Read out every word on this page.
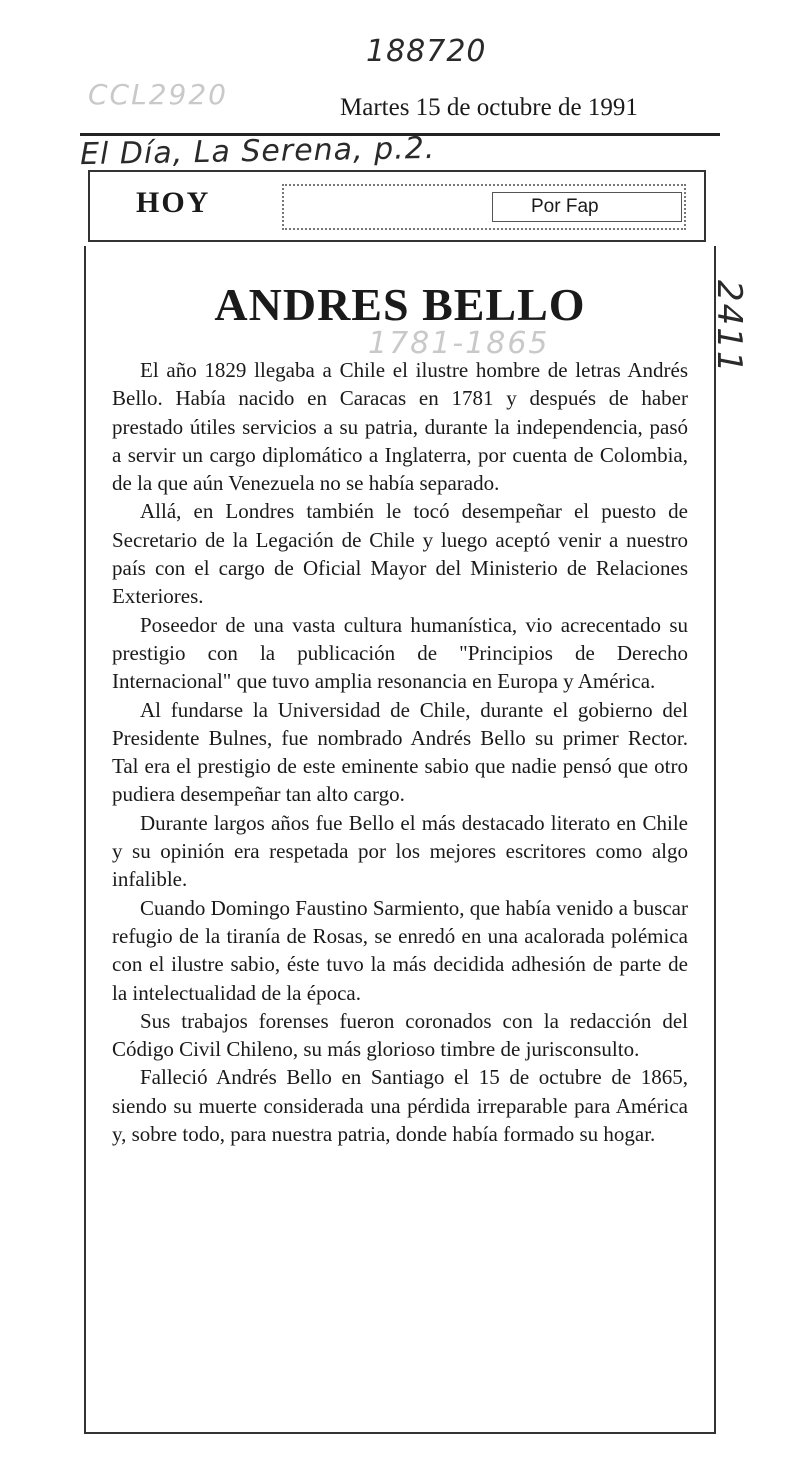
188720
CCL2920	Martes 15 de octubre de 1991
El Día, La Serena, p.2.
HOY	Por Fap
ANDRES BELLO
1781-1865	2411

El año 1829 llegaba a Chile el ilustre hombre de letras Andrés Bello. Había nacido en Caracas en 1781 y después de haber prestado útiles servicios a su patria, durante la independencia, pasó a servir un cargo diplomático a Inglaterra, por cuenta de Colombia, de la que aún Venezuela no se había separado.

Allá, en Londres también le tocó desempeñar el puesto de Secretario de la Legación de Chile y luego aceptó venir a nuestro país con el cargo de Oficial Mayor del Ministerio de Relaciones Exteriores.

Poseedor de una vasta cultura humanística, vio acrecentado su prestigio con la publicación de "Principios de Derecho Internacional" que tuvo amplia resonancia en Europa y América.

Al fundarse la Universidad de Chile, durante el gobierno del Presidente Bulnes, fue nombrado Andrés Bello su primer Rector. Tal era el prestigio de este eminente sabio que nadie pensó que otro pudiera desempeñar tan alto cargo.

Durante largos años fue Bello el más destacado literato en Chile y su opinión era respetada por los mejores escritores como algo infalible.

Cuando Domingo Faustino Sarmiento, que había venido a buscar refugio de la tiranía de Rosas, se enredó en una acalorada polémica con el ilustre sabio, éste tuvo la más decidida adhesión de parte de la intelectualidad de la época.

Sus trabajos forenses fueron coronados con la redacción del Código Civil Chileno, su más glorioso timbre de jurisconsulto.

Falleció Andrés Bello en Santiago el 15 de octubre de 1865, siendo su muerte considerada una pérdida irreparable para América y, sobre todo, para nuestra patria, donde había formado su hogar.
